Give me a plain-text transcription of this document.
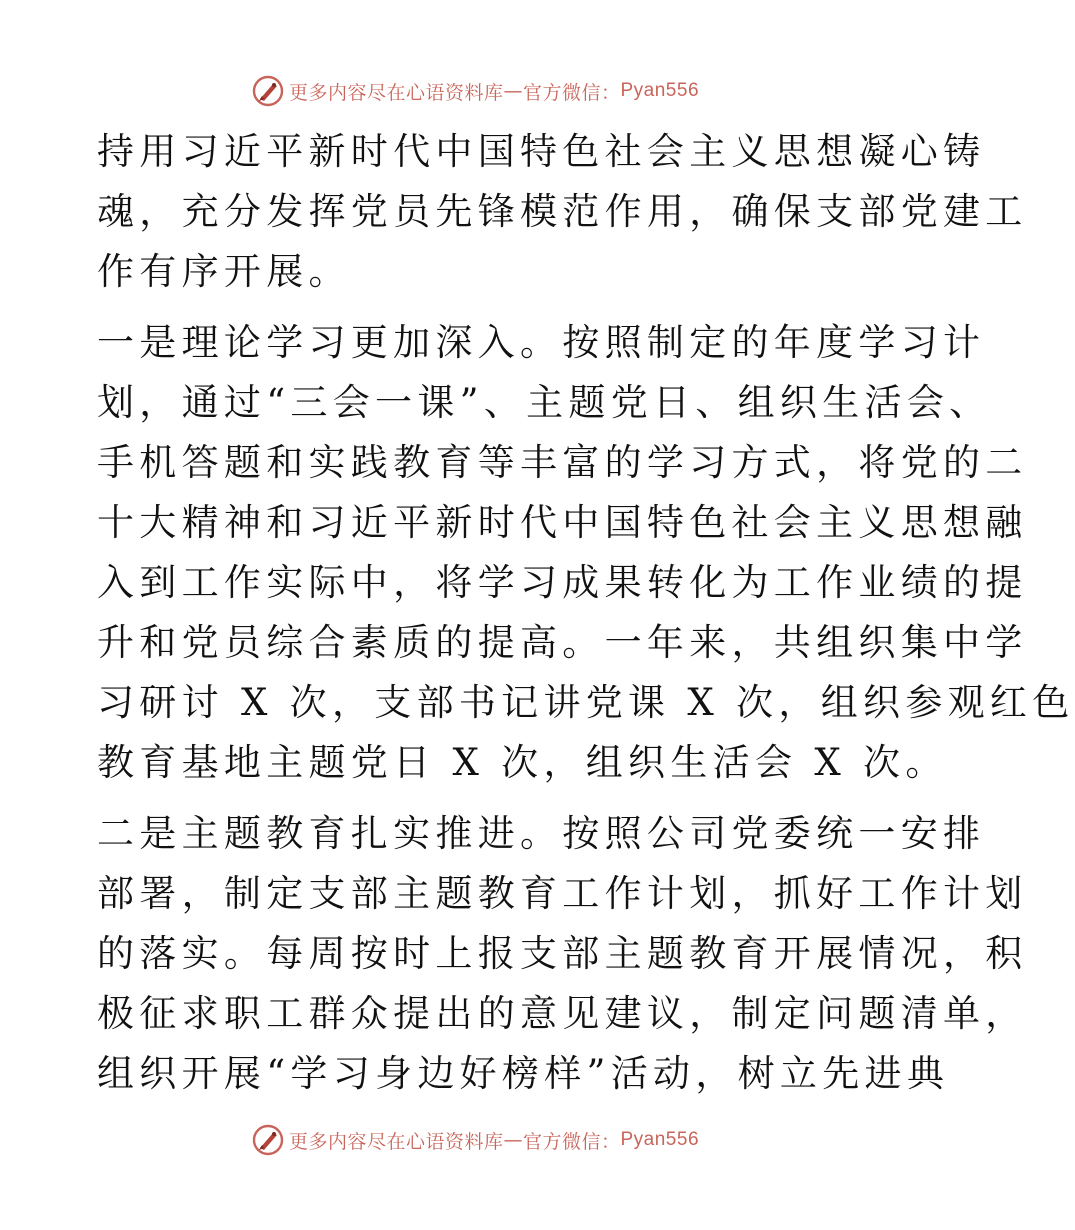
更多内容尽在心语资料库 — 官方微信： Pyan556
持用习近平新时代中国特色社会主义思想凝心铸
魂，充分发挥党员先锋模范作用，确保支部党建工
作有序开展。
一是理论学习更加深入。按照制定的年度学习计
划，通过“三会一课”、主题党日、组织生活会、
手机答题和实践教育等丰富的学习方式，将党的二
十大精神和习近平新时代中国特色社会主义思想融
入到工作实际中，将学习成果转化为工作业绩的提
升和党员综合素质的提高。一年来，共组织集中学
习研讨 X 次，支部书记讲党课 X 次，组织参观红色
教育基地主题党日 X 次，组织生活会 X 次。
二是主题教育扎实推进。按照公司党委统一安排
部署，制定支部主题教育工作计划，抓好工作计划
的落实。每周按时上报支部主题教育开展情况，积
极征求职工群众提出的意见建议，制定问题清单，
组织开展“学习身边好榜样”活动，树立先进典
更多内容尽在心语资料库 — 官方微信： Pyan556
